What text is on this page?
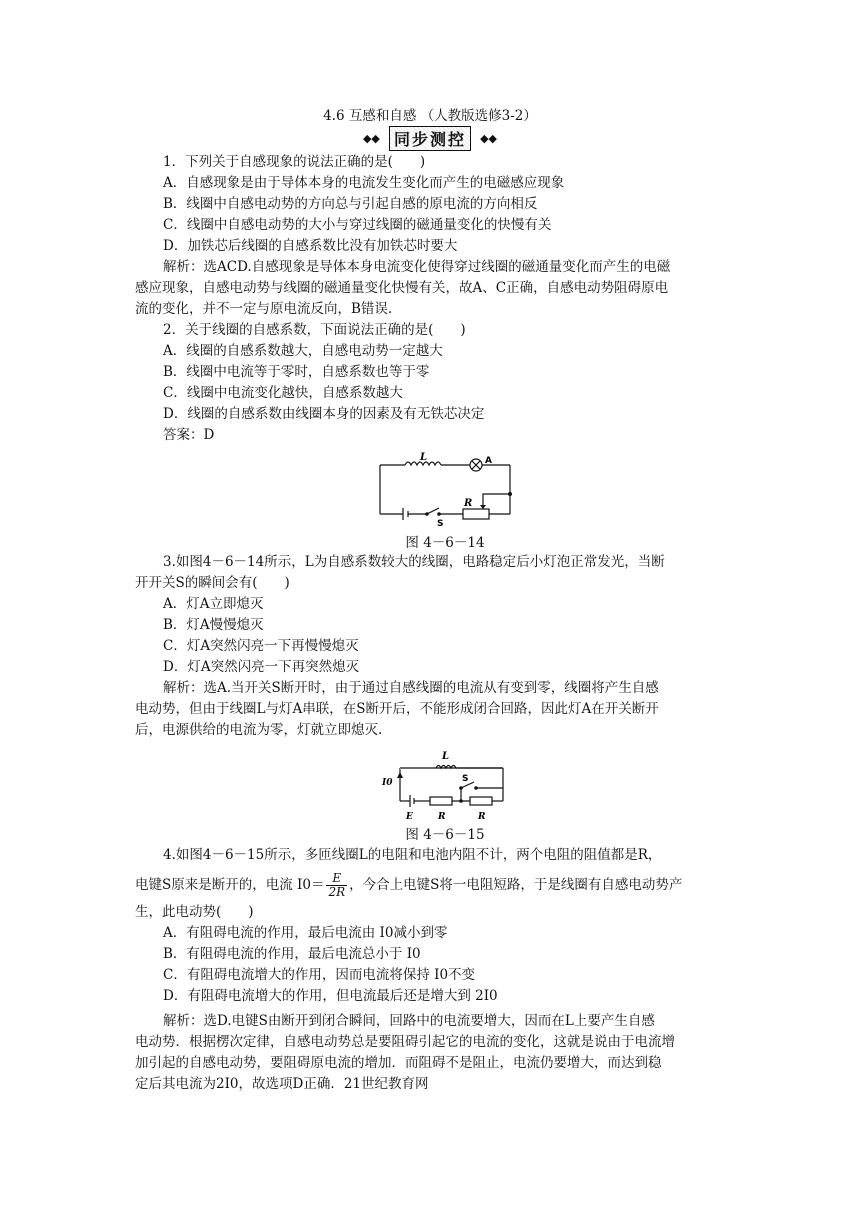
4.6 互感和自感 （人教版选修3-2）
◆◆ 同步测控 ◆◆
1．下列关于自感现象的说法正确的是(　　)
A．自感现象是由于导体本身的电流发生变化而产生的电磁感应现象
B．线圈中自感电动势的方向总与引起自感的原电流的方向相反
C．线圈中自感电动势的大小与穿过线圈的磁通量变化的快慢有关
D．加铁芯后线圈的自感系数比没有加铁芯时要大
解析：选ACD.自感现象是导体本身电流变化使得穿过线圈的磁通量变化而产生的电磁
感应现象，自感电动势与线圈的磁通量变化快慢有关，故A、C正确，自感电动势阻碍原电
流的变化，并不一定与原电流反向，B错误.
2．关于线圈的自感系数，下面说法正确的是(　　)
A．线圈的自感系数越大，自感电动势一定越大
B．线圈中电流等于零时，自感系数也等于零
C．线圈中电流变化越快，自感系数越大
D．线圈的自感系数由线圈本身的因素及有无铁芯决定
答案：D
L	A
R
S
图 4－6－14
3.如图4－6－14所示，L为自感系数较大的线圈，电路稳定后小灯泡正常发光，当断
开开关S的瞬间会有(　　)
A．灯A立即熄灭
B．灯A慢慢熄灭
C．灯A突然闪亮一下再慢慢熄灭
D．灯A突然闪亮一下再突然熄灭
解析：选A.当开关S断开时，由于通过自感线圈的电流从有变到零，线圈将产生自感
电动势，但由于线圈L与灯A串联，在S断开后，不能形成闭合回路，因此灯A在开关断开
后，电源供给的电流为零，灯就立即熄灭.
L
S
I0
E	R	R
图 4－6－15
4.如图4－6－15所示，多匝线圈L的电阻和电池内阻不计，两个电阻的阻值都是R，
电键S原来是断开的，电流 $I0= \frac{E}{2R}$ ，今合上电键S将一电阻短路，于是线圈有自感电动势产
生，此电动势(　　)
A．有阻碍电流的作用，最后电流由 I0减小到零
B．有阻碍电流的作用，最后电流总小于 I0
C．有阻碍电流增大的作用，因而电流将保持 I0不变
D．有阻碍电流增大的作用，但电流最后还是增大到 2I0
解析：选D.电键S由断开到闭合瞬间，回路中的电流要增大，因而在L上要产生自感
电动势．根据楞次定律，自感电动势总是要阻碍引起它的电流的变化，这就是说由于电流增
加引起的自感电动势，要阻碍原电流的增加．而阻碍不是阻止，电流仍要增大，而达到稳
定后其电流为2I0，故选项D正确．21世纪教育网
